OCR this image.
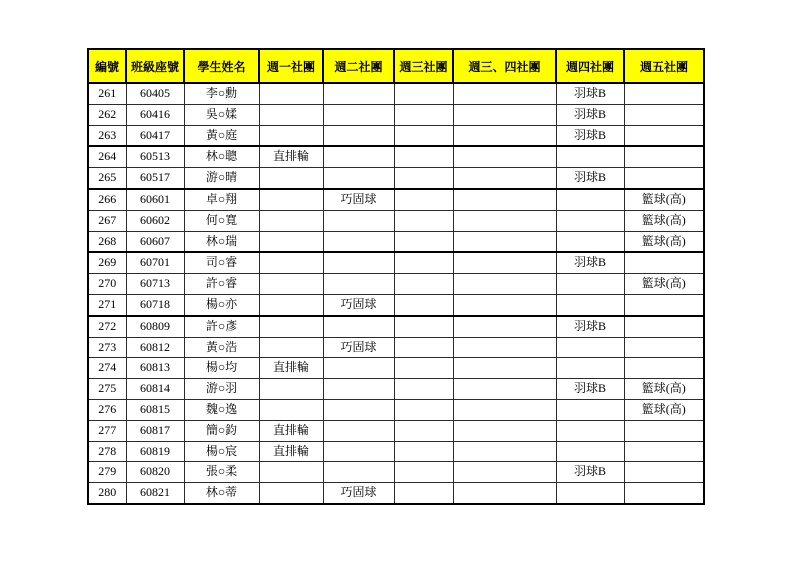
編號	班級座號	學生姓名	週一社團	週二社團	週三社團	週三、四社團	週四社團	週五社團
261	60405	李○勳					羽球B	
262	60416	吳○媃					羽球B	
263	60417	黃○庭					羽球B	
264	60513	林○聰	直排輪					
265	60517	游○晴					羽球B	
266	60601	卓○翔		巧固球				籃球(高)
267	60602	何○寬						籃球(高)
268	60607	林○瑞						籃球(高)
269	60701	司○睿					羽球B	
270	60713	許○睿						籃球(高)
271	60718	楊○亦		巧固球				
272	60809	許○彥					羽球B	
273	60812	黃○浩		巧固球				
274	60813	楊○均	直排輪					
275	60814	游○羽					羽球B	籃球(高)
276	60815	魏○逸						籃球(高)
277	60817	簡○鈞	直排輪					
278	60819	楊○宸	直排輪					
279	60820	張○柔					羽球B	
280	60821	林○蒂		巧固球				
